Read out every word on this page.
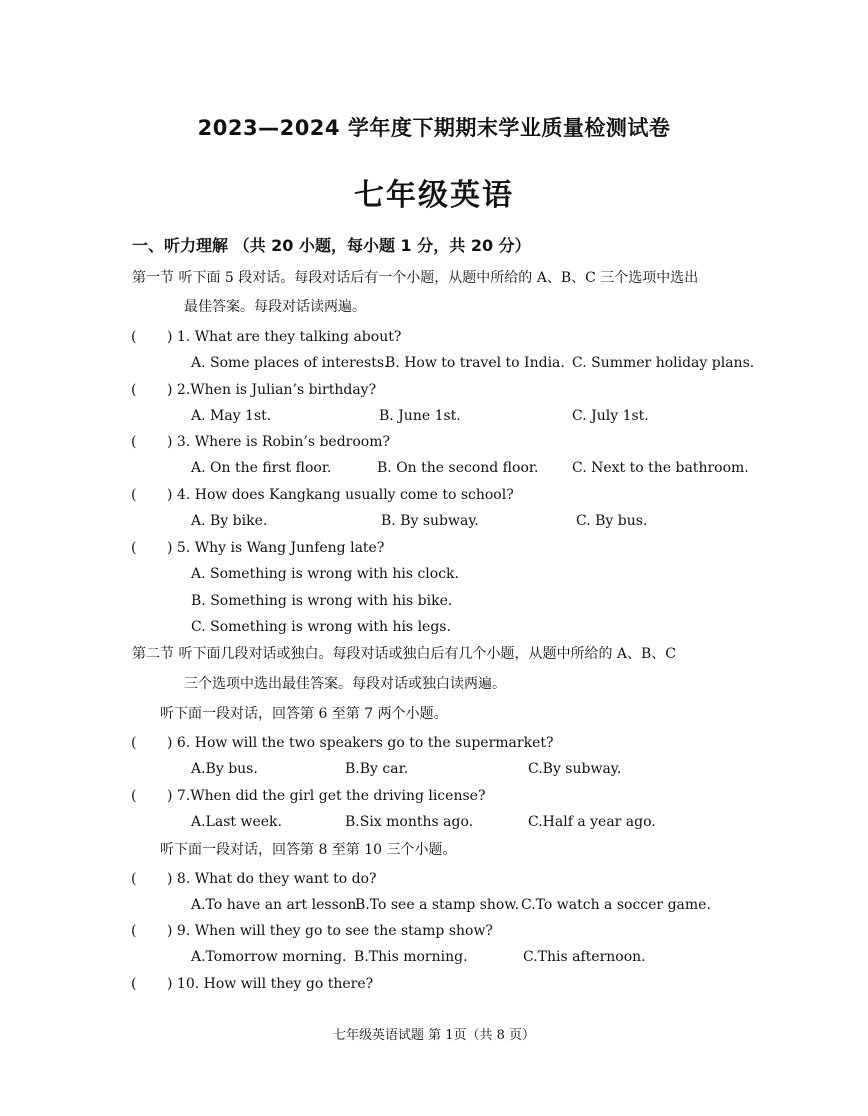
2023—2024 学年度下期期末学业质量检测试卷
七年级英语
一、听力理解 （共 20 小题，每小题 1 分，共 20 分）
第一节 听下面 5 段对话。每段对话后有一个小题，从题中所给的 A、B、C 三个选项中选出
最佳答案。每段对话读两遍。
( ) 1. What are they talking about?
A. Some places of interests.
B. How to travel to India. C. Summer holiday plans.
( ) 2.When is Julian’s birthday?
A. May 1st.	B. June 1st.	C. July 1st.
( ) 3. Where is Robin’s bedroom?
A. On the first floor.	B. On the second floor. C. Next to the bathroom.
( ) 4. How does Kangkang usually come to school?
A. By bike.	B. By subway.	C. By bus.
( ) 5. Why is Wang Junfeng late?
A. Something is wrong with his clock.
B. Something is wrong with his bike.
C. Something is wrong with his legs.
第二节 听下面几段对话或独白。每段对话或独白后有几个小题，从题中所给的 A、B、C
三个选项中选出最佳答案。每段对话或独白读两遍。
听下面一段对话，回答第 6 至第 7 两个小题。
( ) 6. How will the two speakers go to the supermarket?
A.By bus.	B.By car.	C.By subway.
( ) 7.When did the girl get the driving license?
A.Last week.	B.Six months ago.	C.Half a year ago.
听下面一段对话，回答第 8 至第 10 三个小题。
( ) 8. What do they want to do?
A.To have an art lesson.
B.To see a stamp show. C.To watch a soccer game.
( ) 9. When will they go to see the stamp show?
A.Tomorrow morning. B.This morning.	C.This afternoon.
( ) 10. How will they go there?
七年级英语试题 第 1页（共 8 页）
